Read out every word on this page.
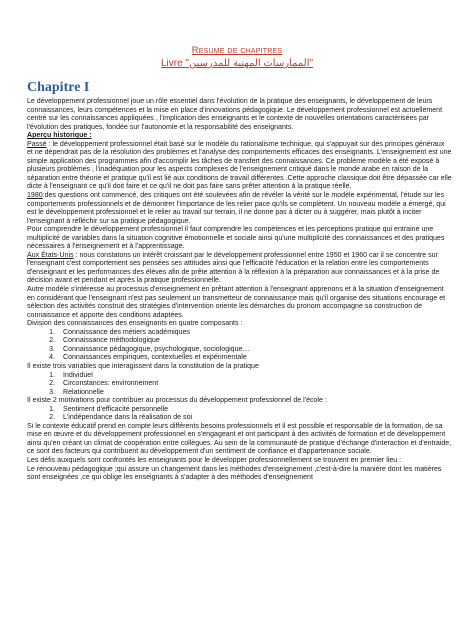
Resume de chapitres
Livre "الممارسات المهنية للمدرسين"
Chapitre I

Le développement professionnel joue un rôle essentiel dans l'évolution de la pratique des enseignants, le développement de leurs connaissances, leurs compétences et la mise en place d'innovations pédagogique. Le développement professionnel est actuellement centré sur les connaissances appliquées , l'implication des enseignants et le contexte de nouvelles orientations caractérisées par l'évolution des pratiques, fondée sur l'autonomie et la responsabilité des enseignants.

Aperçu historique :

Passé : le développement professionnel était basé sur le modèle du rationalisme technique, qui s'appuyait sur des principes généraux et ne dépendrait pas de la résolution des problèmes et l'analyse des comportements efficaces des enseignants. L'enseignement est une simple application des programmes afin d'accomplir les tâches de transfert des connaissances. Ce problème modèle a été exposé à plusieurs problèmes , l'inadéquation pour les aspects complexes de l'enseignement critiqué dans le monde arabe en raison de la séparation entre théorie et pratique qu'il est lié aux conditions de travail différentes .Cette approche classique doit être dépassée car elle dicte à l'enseignant ce qu'il doit faire et ce qu'il ne doit pas faire sans prêter attention à la pratique réelle.

1980:des questions ont commencé, des critiques ont été soulevées afin de révéler la vérité sur le modèle expérimental, l'étude sur les comportements professionnels et de démontrer l'importance de les relier pace qu'ils se complètent. Un nouveau modèle a émergé, qui est le développement professionnel et le relier au travail sur terrain, il ne donne pas à dicter ou à suggérer, mais plutôt à inciter l'enseignant à réfléchir sur sa pratique pédagogique.

Pour comprendre le développement professionnel il faut comprendre les compétences et les perceptions pratique qui entraine une multiplicité de variables dans la situation cognitive émotionnelle et sociale ainsi qu'une multiplicité des connaissances et des pratiques nécessaires à l'enseignement et à l'apprentissage.

Aux États-Unis : nous constatons un intérêt croissant par le développement professionnel entre 1950 et 1960 car il se concentre sur l'enseignant c'est comportement ses pensées ses attitudes ainsi que l'efficacité l'éducation et la relation entre les comportements d'enseignant et les performances des élèves afin de prête attention à la réflexion à la préparation aux connaissances et à la prise de décision avant et pendant et après la pratique professionnelle.

Autre modèle s'intéresse au processus d'enseignement en prêtant attention à l'enseignant apprenons et à la situation d'enseignement en considérant que l'enseignant n'est pas seulement un transmetteur de connaissance mais qu'il organise des situations encourage et sélection des activités construit des stratégies d'intervention oriente les démarches du pronom accompagne sa construction de connaissance et apporte des conditions adaptées.

Division des connaissances des enseignants en quatre composants :

1. Connaissance des métiers académiques
2. Connaissance méthodologique
3. Connaissance pédagogique, psychologique, sociologique…
4. Connaissances empiriques, contextuelles et expérimentale

Il existe trois variables que interagissent dans la constitution de la pratique

1. Individuel
2. Circonstances: environnement
3. Relationnelle

Il existe 2 motivations pour contribuer au processus du développement professionnel de l'école :

1. Sentiment d'efficacité personnelle
2. L'indépendance dans la réalisation de soi

Si le contexte éducatif prend en compte leurs différents besoins professionnels et il est possible et responsable de la formation, de sa mise en œuvre et du développement professionnel en s'engageant et ont participant à des activités de formation et de développement ainsi qu'en créant un climat de coopération entre collègues. Au sein de la communauté de pratique d'échange d'interaction et d'entraide, ce sont des facteurs qui contribuent au développement d'un sentiment de confiance et d'appartenance sociale.

Les défis auxquels sont confrontés les enseignants pour le développer professionnellement se trouvent en premier lieu :

Le renouveau pédagogique ;qui assure un changement dans les méthodes d'enseignement ,c'est-à-dire la manière dont les matières sont enseignées ,ce qui oblige les enseignants à s'adapter à des méthodes d'enseignement
